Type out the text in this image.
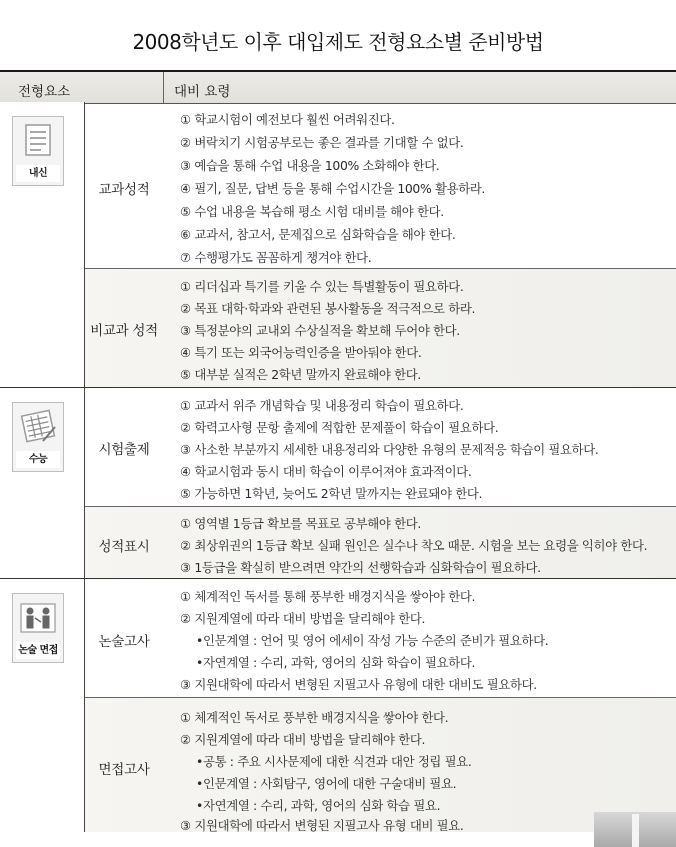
2008학년도 이후 대입제도 전형요소별 준비방법
전형요소	대비 요령
내신
교과성적
① 학교시험이 예전보다 훨씬 어려워진다.
② 벼락치기 시험공부로는 좋은 결과를 기대할 수 없다.
③ 예습을 통해 수업 내용을 100% 소화해야 한다.
④ 필기, 질문, 답변 등을 통해 수업시간을 100% 활용하라.
⑤ 수업 내용을 복습해 평소 시험 대비를 해야 한다.
⑥ 교과서, 참고서, 문제집으로 심화학습을 해야 한다.
⑦ 수행평가도 꼼꼼하게 챙겨야 한다.
비교과 성적
① 리더십과 특기를 키울 수 있는 특별활동이 필요하다.
② 목표 대학·학과와 관련된 봉사활동을 적극적으로 하라.
③ 특정분야의 교내외 수상실적을 확보해 두어야 한다.
④ 특기 또는 외국어능력인증을 받아둬야 한다.
⑤ 대부분 실적은 2학년 말까지 완료해야 한다.
수능
시험출제
① 교과서 위주 개념학습 및 내용정리 학습이 필요하다.
② 학력고사형 문항 출제에 적합한 문제풀이 학습이 필요하다.
③ 사소한 부분까지 세세한 내용정리와 다양한 유형의 문제적응 학습이 필요하다.
④ 학교시험과 동시 대비 학습이 이루어져야 효과적이다.
⑤ 가능하면 1학년, 늦어도 2학년 말까지는 완료돼야 한다.
성적표시
① 영역별 1등급 확보를 목표로 공부해야 한다.
② 최상위권의 1등급 확보 실패 원인은 실수나 착오 때문. 시험을 보는 요령을 익히야 한다.
③ 1등급을 확실히 받으려면 약간의 선행학습과 심화학습이 필요하다.
논술 면접
논술고사
① 체계적인 독서를 통해 풍부한 배경지식을 쌓아야 한다.
② 지원계열에 따라 대비 방법을 달리해야 한다.
•인문계열 : 언어 및 영어 에세이 작성 가능 수준의 준비가 필요하다.
•자연계열 : 수리, 과학, 영어의 심화 학습이 필요하다.
③ 지원대학에 따라서 변형된 지필고사 유형에 대한 대비도 필요하다.
면접고사
① 체계적인 독서로 풍부한 배경지식을 쌓아야 한다.
② 지원계열에 따라 대비 방법을 달리해야 한다.
•공통 : 주요 시사문제에 대한 식견과 대안 정립 필요.
•인문계열 : 사회탐구, 영어에 대한 구술대비 필요.
•자연계열 : 수리, 과학, 영어의 심화 학습 필요.
③ 지원대학에 따라서 변형된 지필고사 유형 대비 필요.
